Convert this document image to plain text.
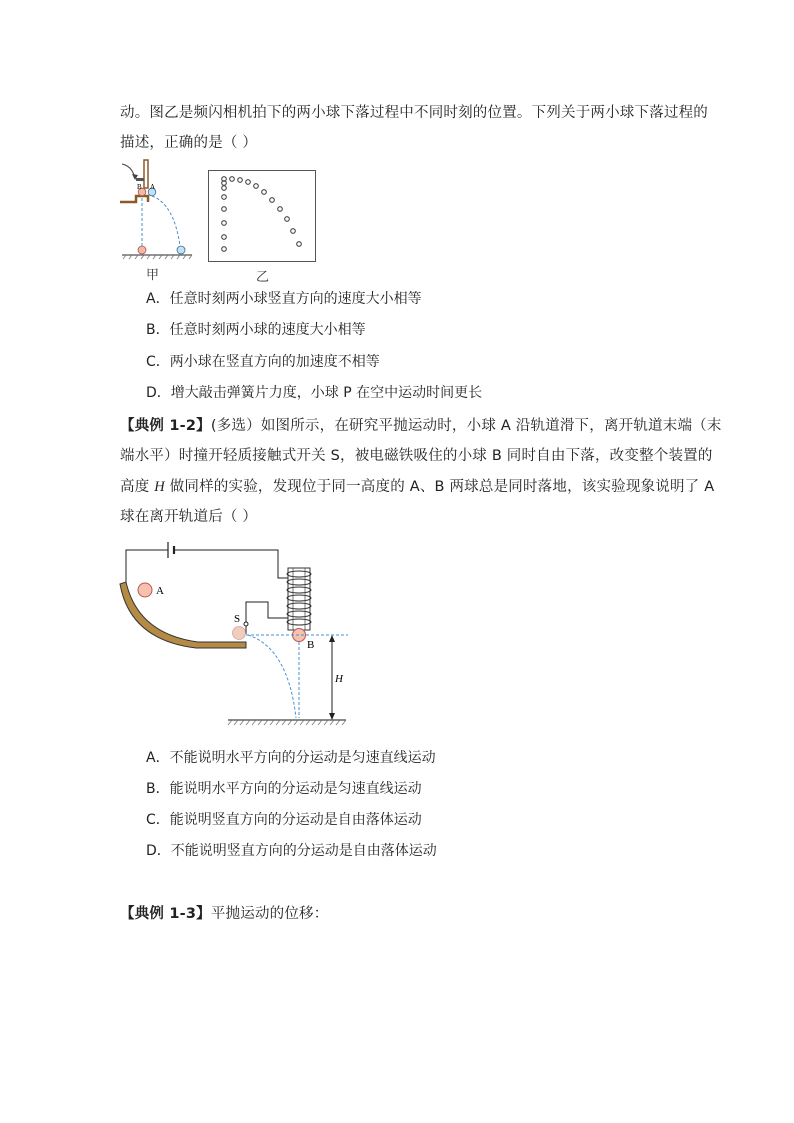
动。图乙是频闪相机拍下的两小球下落过程中不同时刻的位置。下列关于两小球下落过程的
描述，正确的是（ ）
B A
甲	乙
A．任意时刻两小球竖直方向的速度大小相等
B．任意时刻两小球的速度大小相等
C．两小球在竖直方向的加速度不相等
D．增大敲击弹簧片力度，小球 P 在空中运动时间更长
【典例 1-2】(多选）如图所示，在研究平抛运动时，小球 A 沿轨道滑下，离开轨道末端（末
端水平）时撞开轻质接触式开关 S，被电磁铁吸住的小球 B 同时自由下落，改变整个装置的
高度 H 做同样的实验，发现位于同一高度的 A、B 两球总是同时落地，该实验现象说明了 A
球在离开轨道后（ ）
A
S
B
H
A．不能说明水平方向的分运动是匀速直线运动
B．能说明水平方向的分运动是匀速直线运动
C．能说明竖直方向的分运动是自由落体运动
D．不能说明竖直方向的分运动是自由落体运动
【典例 1-3】平抛运动的位移：
